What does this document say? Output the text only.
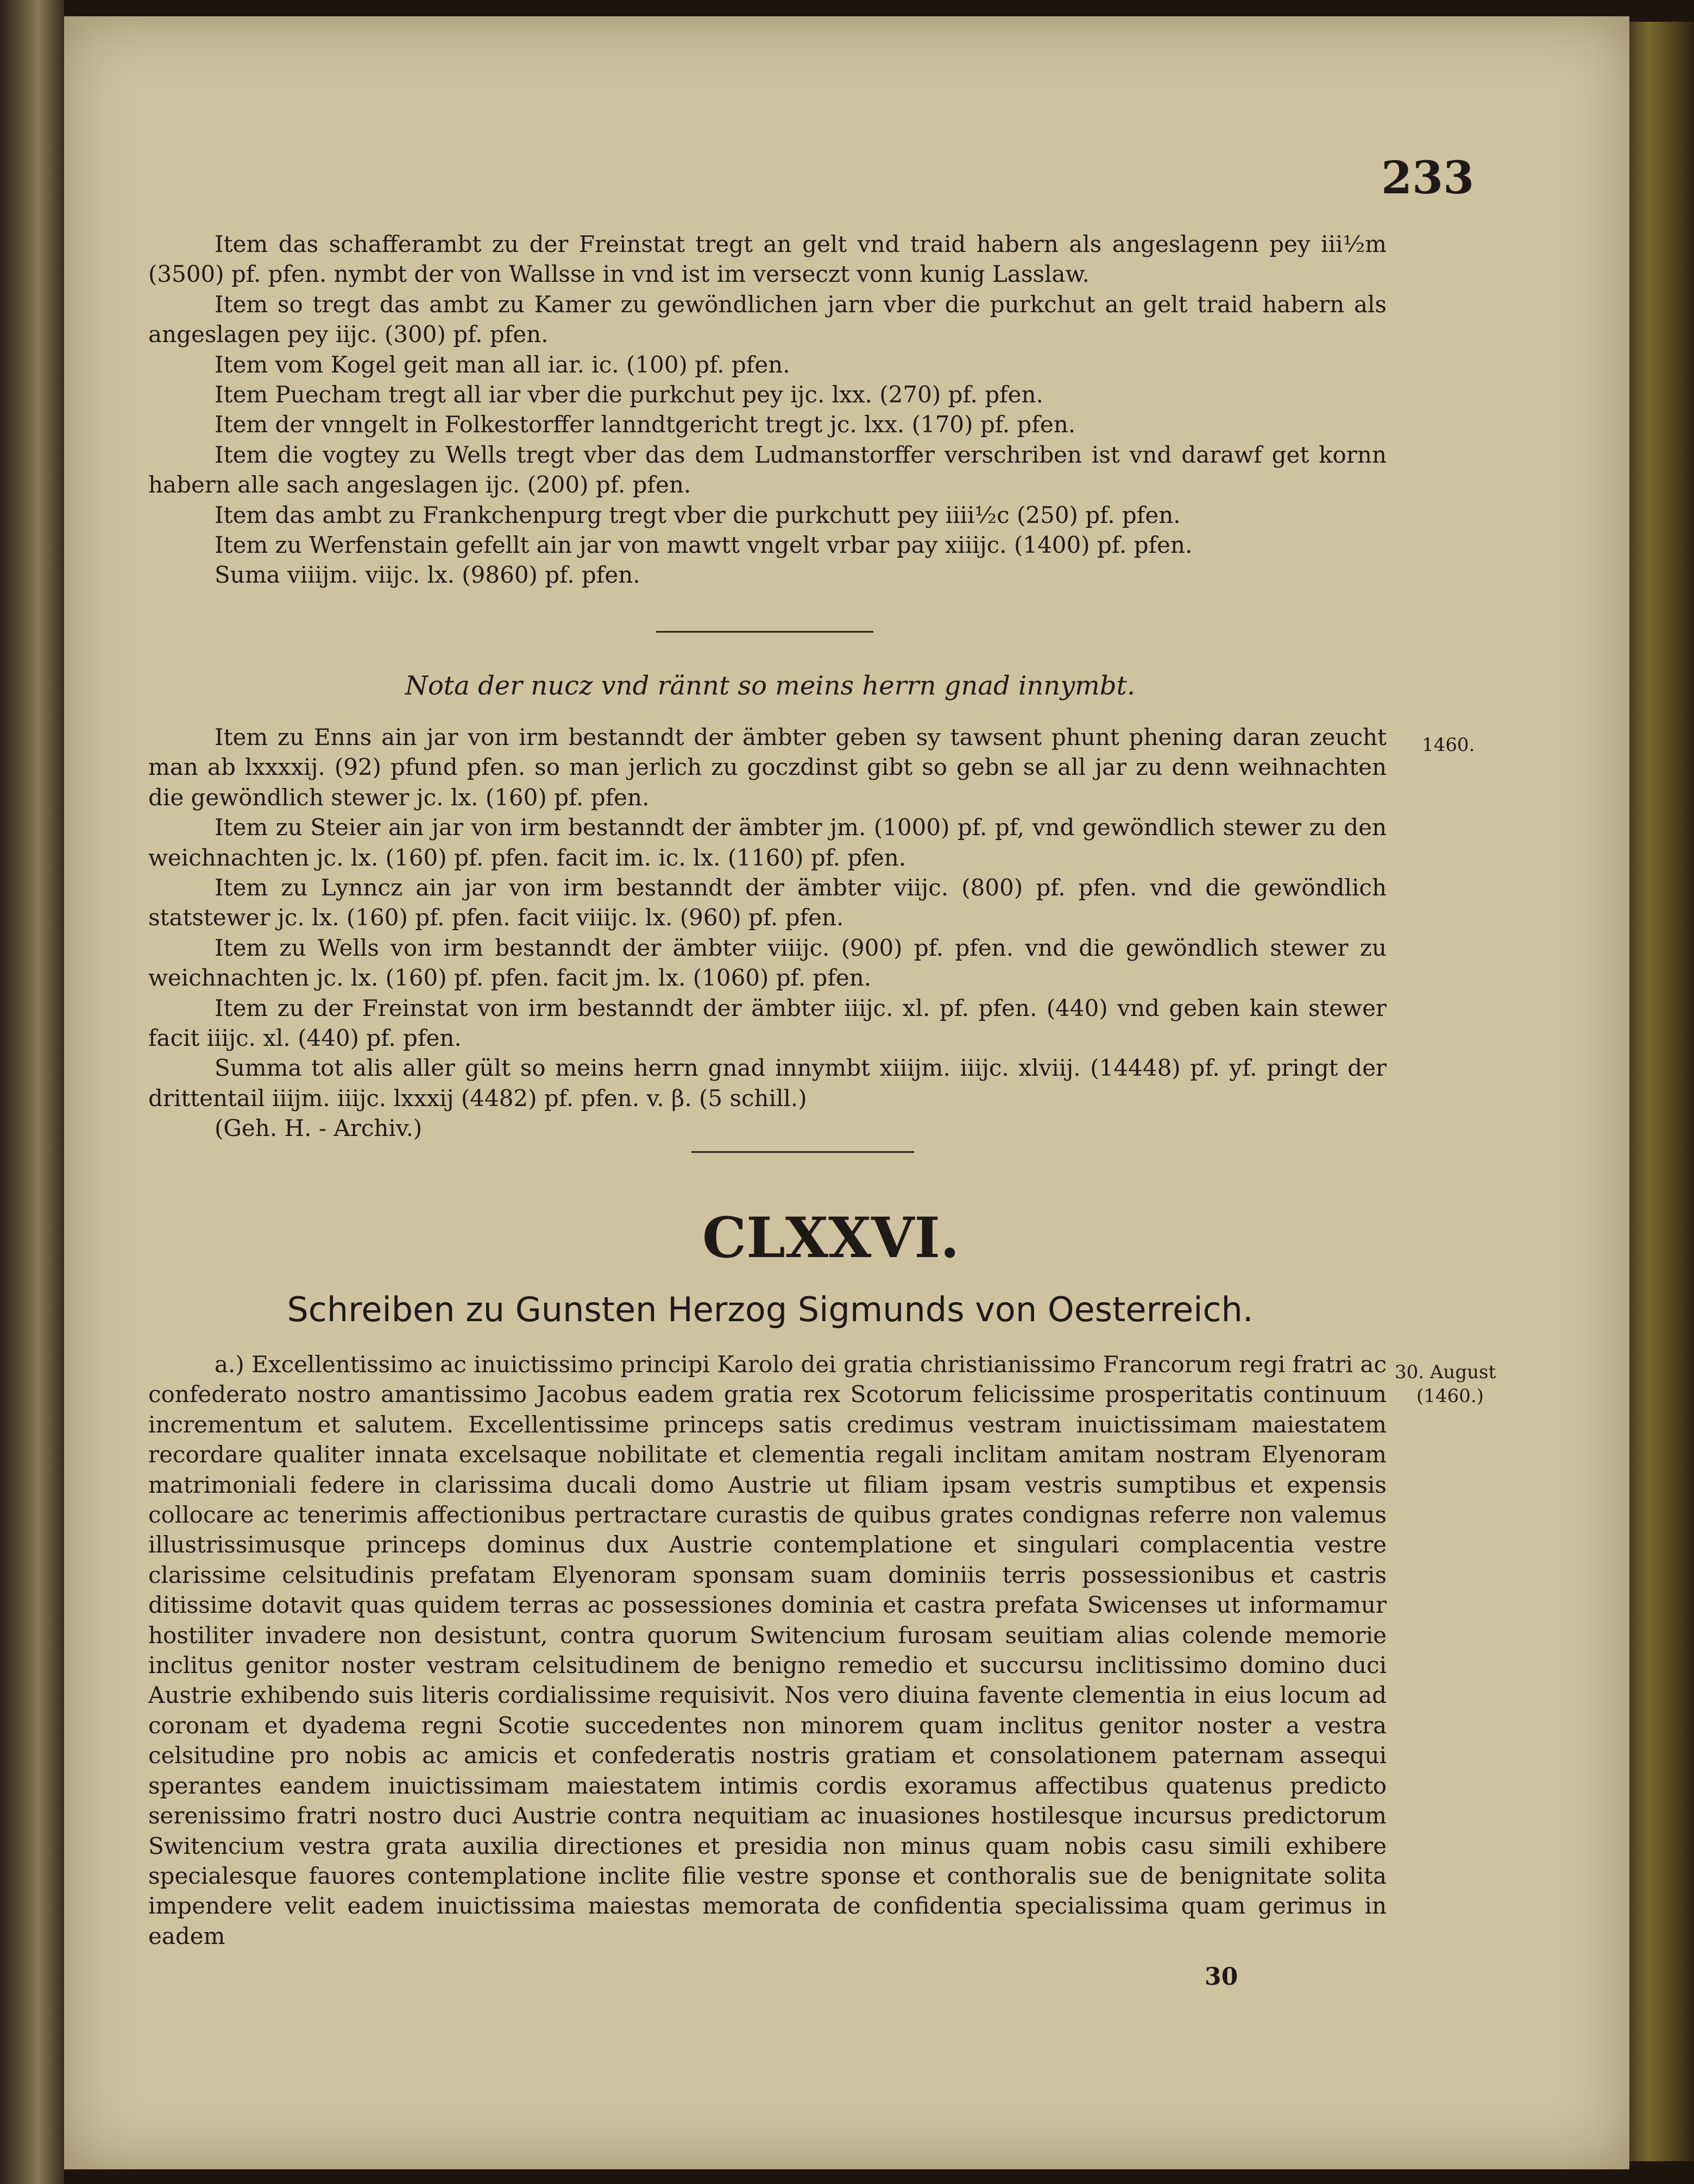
233

Item das schafferambt zu der Freinstat tregt an gelt vnd traid habern als angeslagenn pey iii½m (3500) pf. pfen. nymbt der von Wallsse in vnd ist im verseczt vonn kunig Lasslaw.

Item so tregt das ambt zu Kamer zu gewöndlichen jarn vber die purkchut an gelt traid habern als angeslagen pey iijc. (300) pf. pfen.

Item vom Kogel geit man all iar. ic. (100) pf. pfen.

Item Puecham tregt all iar vber die purkchut pey ijc. lxx. (270) pf. pfen.

Item der vnngelt in Folkestorffer lanndtgericht tregt jc. lxx. (170) pf. pfen.

Item die vogtey zu Wells tregt vber das dem Ludmanstorffer verschriben ist vnd darawf get kornn habern alle sach angeslagen ijc. (200) pf. pfen.

Item das ambt zu Frankchenpurg tregt vber die purkchutt pey iiii½c (250) pf. pfen.

Item zu Werfenstain gefellt ain jar von mawtt vngelt vrbar pay xiiijc. (1400) pf. pfen.

Suma viiijm. viijc. lx. (9860) pf. pfen.

Nota der nucz vnd rännt so meins herrn gnad innymbt.
1460.

Item zu Enns ain jar von irm bestanndt der ämbter geben sy tawsent phunt phening daran zeucht man ab lxxxxij. (92) pfund pfen. so man jerlich zu goczdinst gibt so gebn se all jar zu denn weihnachten die gewöndlich stewer jc. lx. (160) pf. pfen.

Item zu Steier ain jar von irm bestanndt der ämbter jm. (1000) pf. pf, vnd gewöndlich stewer zu den weichnachten jc. lx. (160) pf. pfen. facit im. ic. lx. (1160) pf. pfen.

Item zu Lynncz ain jar von irm bestanndt der ämbter viijc. (800) pf. pfen. vnd die gewöndlich statstewer jc. lx. (160) pf. pfen. facit viiijc. lx. (960) pf. pfen.

Item zu Wells von irm bestanndt der ämbter viiijc. (900) pf. pfen. vnd die gewöndlich stewer zu weichnachten jc. lx. (160) pf. pfen. facit jm. lx. (1060) pf. pfen.

Item zu der Freinstat von irm bestanndt der ämbter iiijc. xl. pf. pfen. (440) vnd geben kain stewer facit iiijc. xl. (440) pf. pfen.

Summa tot alis aller gült so meins herrn gnad innymbt xiiijm. iiijc. xlviij. (14448) pf. yf. pringt der drittentail iiijm. iiijc. lxxxij (4482) pf. pfen. v. β. (5 schill.)

(Geh. H. - Archiv.)

CLXXVI.
Schreiben zu Gunsten Herzog Sigmunds von Oesterreich.
30. August
(1460.)

a.) Excellentissimo ac inuictissimo principi Karolo dei gratia christianissimo Francorum regi fratri ac confederato nostro amantissimo Jacobus eadem gratia rex Scotorum felicissime prosperitatis continuum incrementum et salutem. Excellentissime princeps satis credimus vestram inuictissimam maiestatem recordare qualiter innata excelsaque nobilitate et clementia regali inclitam amitam nostram Elyenoram matrimoniali federe in clarissima ducali domo Austrie ut filiam ipsam vestris sumptibus et expensis collocare ac tenerimis affectionibus pertractare curastis de quibus grates condignas referre non valemus illustrissimusque princeps dominus dux Austrie contemplatione et singulari complacentia vestre clarissime celsitudinis prefatam Elyenoram sponsam suam dominiis terris possessionibus et castris ditissime dotavit quas quidem terras ac possessiones dominia et castra prefata Swicenses ut informamur hostiliter invadere non desistunt, contra quorum Switencium furosam seuitiam alias colende memorie inclitus genitor noster vestram celsitudinem de benigno remedio et succursu inclitissimo domino duci Austrie exhibendo suis literis cordialissime requisivit. Nos vero diuina favente clementia in eius locum ad coronam et dyadema regni Scotie succedentes non minorem quam inclitus genitor noster a vestra celsitudine pro nobis ac amicis et confederatis nostris gratiam et consolationem paternam assequi sperantes eandem inuictissimam maiestatem intimis cordis exoramus affectibus quatenus predicto serenissimo fratri nostro duci Austrie contra nequitiam ac inuasiones hostilesque incursus predictorum Switencium vestra grata auxilia directiones et presidia non minus quam nobis casu simili exhibere specialesque fauores contemplatione inclite filie vestre sponse et conthoralis sue de benignitate solita impendere velit eadem inuictissima maiestas memorata de confidentia specialissima quam gerimus in eadem

30
